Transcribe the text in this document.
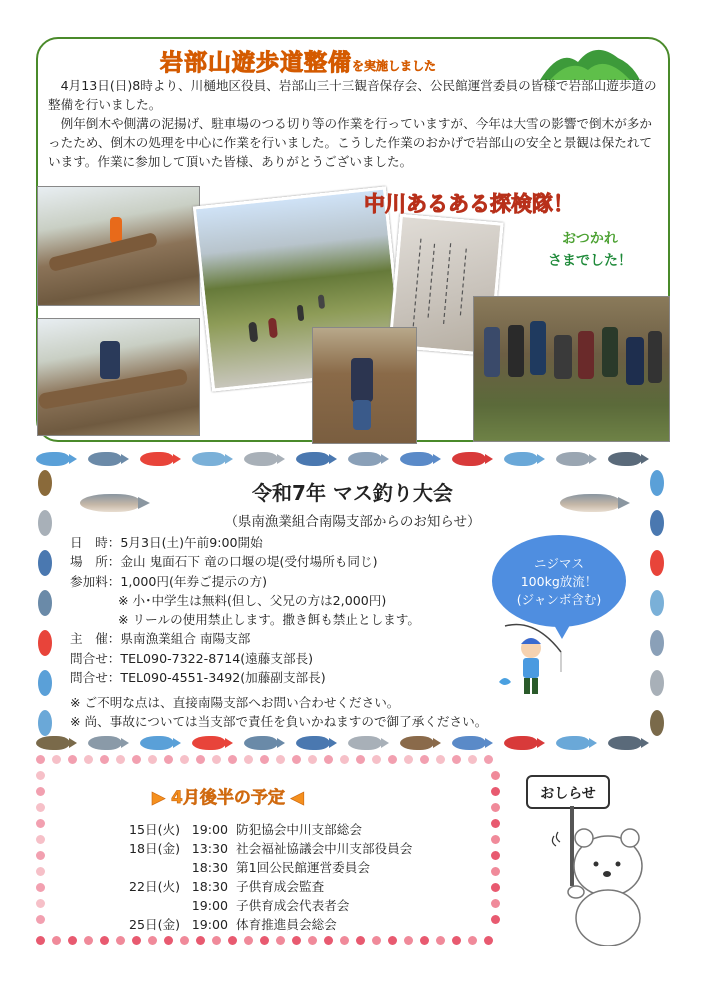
岩部山遊歩道整備を実施しました

4月13日(日)8時より、川樋地区役員、岩部山三十三観音保存会、公民館運営委員の皆様で岩部山遊歩道の整備を行いました。

例年倒木や側溝の泥揚げ、駐車場のつる切り等の作業を行っていますが、今年は大雪の影響で倒木が多かったため、倒木の処理を中心に作業を行いました。こうした作業のおかげで岩部山の安全と景観は保たれています。作業に参加して頂いた皆様、ありがとうございました。

中川あるある探検隊！
おつかれ
さまでした！
令和7年 マス釣り大会
（県南漁業組合南陽支部からのお知らせ）
日　時：5月3日(土)午前9:00開始
場　所：金山 鬼面石下 竜の口堰の堤(受付場所も同じ)
参加料：1,000円(年券ご提示の方)
※ 小･中学生は無料(但し、父兄の方は2,000円)
※ リールの使用禁止します。撒き餌も禁止とします。
主　催：県南漁業組合 南陽支部
問合せ：TEL090-7322-8714(遠藤支部長)
問合せ：TEL090-4551-3492(加藤副支部長)
※ ご不明な点は、直接南陽支部へお問い合わせください。
※ 尚、事故については当支部で責任を負いかねますので御了承ください。
ニジマス
100kg放流！
(ジャンボ含む)
▶ 4月後半の予定 ◀
15日(火) 19:00 防犯協会中川支部総会
18日(金) 13:30 社会福祉協議会中川支部役員会
18:30 第1回公民館運営委員会
22日(火) 18:30 子供育成会監査
19:00 子供育成会代表者会
25日(金) 19:00 体育推進員会総会
おしらせ
